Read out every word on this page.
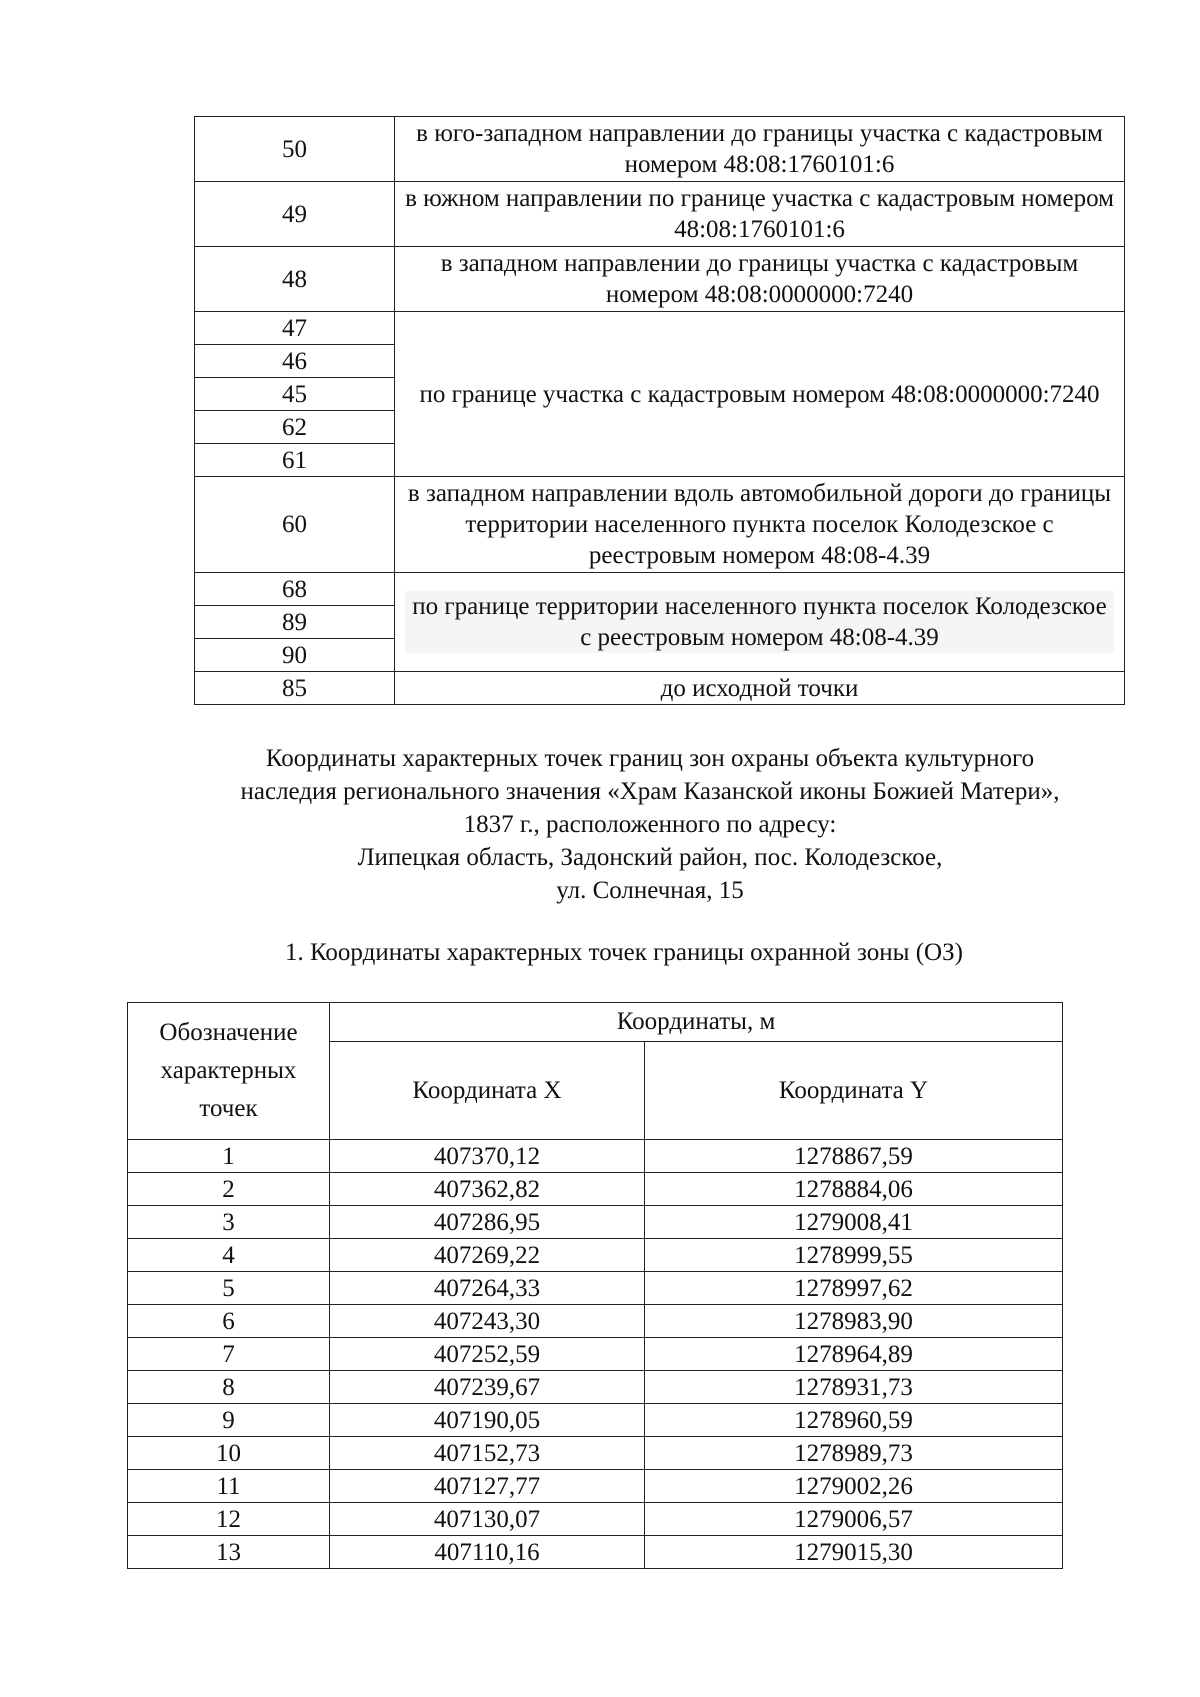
50	в юго-западном направлении до границы участка с кадастровым номером 48:08:1760101:6
49	в южном направлении по границе участка с кадастровым номером 48:08:1760101:6
48	в западном направлении до границы участка с кадастровым номером 48:08:0000000:7240
47	по границе участка с кадастровым номером 48:08:0000000:7240
46	
45	
62	
61	
60	в западном направлении вдоль автомобильной дороги до границы территории населенного пункта поселок Колодезское с реестровым номером 48:08-4.39
68	по границе территории населенного пункта поселок Колодезское с реестровым номером 48:08-4.39
89	
90	
85	до исходной точки
Координаты характерных точек границ зон охраны объекта культурного
наследия регионального значения «Храм Казанской иконы Божией Матери»,
1837 г., расположенного по адресу:
Липецкая область, Задонский район, пос. Колодезское,
ул. Солнечная, 15
1. Координаты характерных точек границы охранной зоны (ОЗ)
Обозначение характерных точек	Координаты, м	
	Координата X	Координата Y
1	407370,12	1278867,59
2	407362,82	1278884,06
3	407286,95	1279008,41
4	407269,22	1278999,55
5	407264,33	1278997,62
6	407243,30	1278983,90
7	407252,59	1278964,89
8	407239,67	1278931,73
9	407190,05	1278960,59
10	407152,73	1278989,73
11	407127,77	1279002,26
12	407130,07	1279006,57
13	407110,16	1279015,30
